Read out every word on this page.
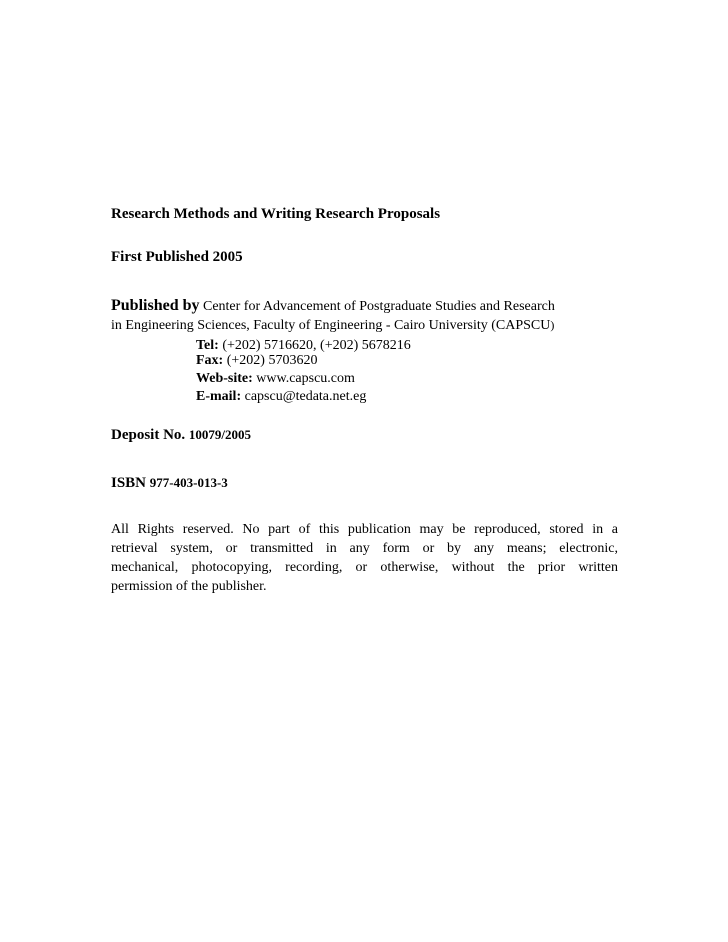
Research Methods and Writing Research Proposals
First Published 2005
Published by Center for Advancement of Postgraduate Studies and Research
in Engineering Sciences, Faculty of Engineering - Cairo University (CAPSCU)
Tel: (+202) 5716620, (+202) 5678216
Fax: (+202) 5703620
Web-site: www.capscu.com
E-mail: capscu@tedata.net.eg
Deposit No. 10079/2005
ISBN 977-403-013-3
All Rights reserved. No part of this publication may be reproduced, stored in a
retrieval system, or transmitted in any form or by any means; electronic,
mechanical, photocopying, recording, or otherwise, without the prior written
permission of the publisher.
